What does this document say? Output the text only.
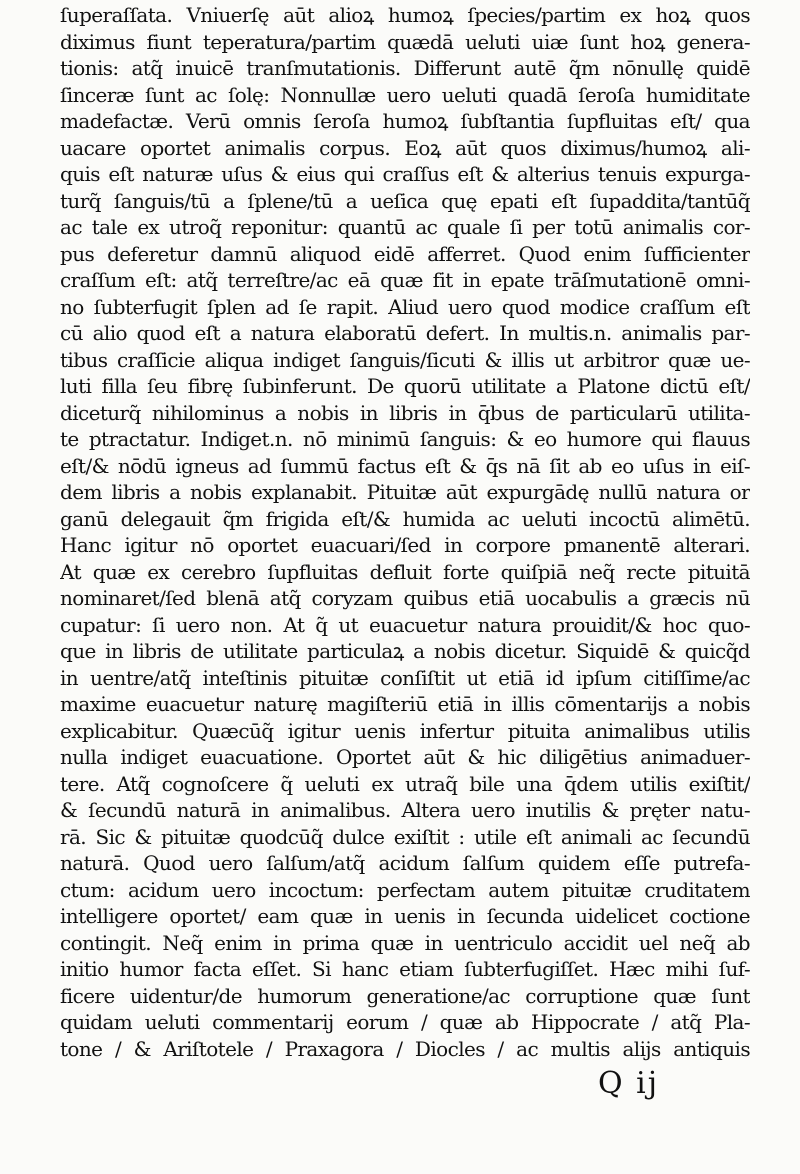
ſuperaſſata. Vniuerſę aūt alioꝝ humoꝝ ſpecies/partim ex hoꝝ quos
diximus fiunt teperatura/partim quædā ueluti uiæ ſunt hoꝝ genera-
tionis: atq̃ inuicē tranſmutationis. Differunt autē q̃m nōnullę quidē
ſinceræ ſunt ac ſolę: Nonnullæ uero ueluti quadā ſeroſa humiditate
madefactæ. Verū omnis ſeroſa humoꝝ ſubſtantia ſupfluitas eſt/ qua
uacare oportet animalis corpus. Eoꝝ aūt quos diximus/humoꝝ ali-
quis eſt naturæ uſus & eius qui craſſus eſt & alterius tenuis expurga-
turq̃ ſanguis/tū a ſplene/tū a ueſica quę epati eſt ſupaddita/tantūq̃
ac tale ex utroq̃ reponitur: quantū ac quale ſi per totū animalis cor-
pus deferetur damnū aliquod eidē afferret. Quod enim ſufficienter
craſſum eſt: atq̃ terreſtre/ac eā quæ fit in epate trāſmutationē omni-
no ſubterfugit ſplen ad ſe rapit. Aliud uero quod modice craſſum eſt
cū alio quod eſt a natura elaboratū defert. In multis.n. animalis par-
tibus craſſicie aliqua indiget ſanguis/ſicuti & illis ut arbitror quæ ue-
luti filla ſeu fibrę ſubinferunt. De quorū utilitate a Platone dictū eſt/
diceturq̃ nihilominus a nobis in libris in q̄bus de particularū utilita-
te ptractatur. Indiget.n. nō minimū ſanguis: & eo humore qui flauus
eſt/& nōdū igneus ad ſummū factus eſt & q̄s nā ſit ab eo uſus in eiſ-
dem libris a nobis explanabit. Pituitæ aūt expurgādę nullū natura or
ganū delegauit q̃m frigida eſt/& humida ac ueluti incoctū alimētū.
Hanc igitur nō oportet euacuari/ſed in corpore pmanentē alterari.
At quæ ex cerebro ſupfluitas defluit forte quiſpiā neq̃ recte pituitā
nominaret/ſed blenā atq̃ coryzam quibus etiā uocabulis a græcis nū
cupatur: ſi uero non. At q̃ ut euacuetur natura prouidit/& hoc quo-
que in libris de utilitate particulaꝝ a nobis dicetur. Siquidē & quicq̃d
in uentre/atq̃ inteſtinis pituitæ conſiſtit ut etiā id ipſum citiſſime/ac
maxime euacuetur naturę magiſteriū etiā in illis cōmentarijs a nobis
explicabitur. Quæcūq̃ igitur uenis infertur pituita animalibus utilis
nulla indiget euacuatione. Oportet aūt & hic diligētius animaduer-
tere. Atq̃ cognoſcere q̃ ueluti ex utraq̃ bile una q̄dem utilis exiſtit/
& ſecundū naturā in animalibus. Altera uero inutilis & pręter natu-
rā. Sic & pituitæ quodcūq̃ dulce exiſtit : utile eſt animali ac ſecundū
naturā. Quod uero ſalſum/atq̃ acidum ſalſum quidem eſſe putrefa-
ctum: acidum uero incoctum: perfectam autem pituitæ cruditatem
intelligere oportet/ eam quæ in uenis in ſecunda uidelicet coctione
contingit. Neq̃ enim in prima quæ in uentriculo accidit uel neq̃ ab
initio humor facta eſſet. Si hanc etiam ſubterfugiſſet. Hæc mihi ſuf-
ficere uidentur/de humorum generatione/ac corruptione quæ ſunt
quidam ueluti commentarij eorum / quæ ab Hippocrate / atq̃ Pla-
tone / & Ariſtotele / Praxagora / Diocles / ac multis alijs antiquis
Q ij
